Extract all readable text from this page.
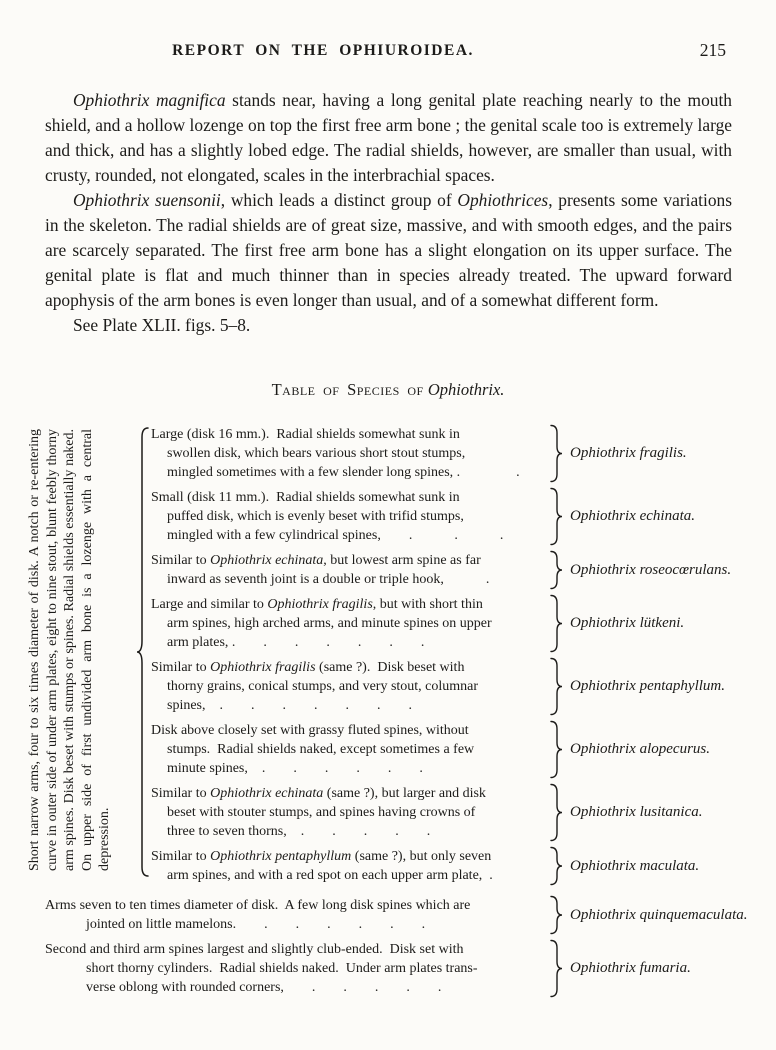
REPORT ON THE OPHIUROIDEA.	215

Ophiothrix magnifica stands near, having a long genital plate reaching nearly to the mouth shield, and a hollow lozenge on top the first free arm bone ; the genital scale too is extremely large and thick, and has a slightly lobed edge. The radial shields, however, are smaller than usual, with crusty, rounded, not elongated, scales in the interbrachial spaces.

Ophiothrix suensonii, which leads a distinct group of Ophiothrices, presents some variations in the skeleton. The radial shields are of great size, massive, and with smooth edges, and the pairs are scarcely separated. The first free arm bone has a slight elongation on its upper surface. The genital plate is flat and much thinner than in species already treated. The upward forward apophysis of the arm bones is even longer than usual, and of a somewhat different form.

See Plate XLII. figs. 5–8.

Table of Species of Ophiothrix.
Short narrow arms, four to six times diameter of disk. A notch or re-entering curve in outer side of under arm plates, eight to nine stout, blunt feebly thorny arm spines. Disk beset with stumps or spines. Radial shields essentially naked. On upper side of first undivided arm bone is a lozenge with a central depression.
Large (disk 16 mm.).  Radial shields somewhat sunk in
swollen disk, which bears various short stout stumps,
mingled sometimes with a few slender long spines, .    .
Ophiothrix fragilis.
Small (disk 11 mm.).  Radial shields somewhat sunk in
puffed disk, which is evenly beset with trifid stumps,
mingled with a few cylindrical spines,  .   .   .
Ophiothrix echinata.
Similar to Ophiothrix echinata, but lowest arm spine as far
inward as seventh joint is a double or triple hook,   .
Ophiothrix roseocœrulans.
Large and similar to Ophiothrix fragilis, but with short thin
arm spines, high arched arms, and minute spines on upper
arm plates, .  .  .  .  .  .  .
Ophiothrix lütkeni.
Similar to Ophiothrix fragilis (same ?).  Disk beset with
thorny grains, conical stumps, and very stout, columnar
spines, .  .  .  .  .  .  .
Ophiothrix pentaphyllum.
Disk above closely set with grassy fluted spines, without
stumps.  Radial shields naked, except sometimes a few
minute spines, .  .  .  .  .  .
Ophiothrix alopecurus.
Similar to Ophiothrix echinata (same ?), but larger and disk
beset with stouter stumps, and spines having crowns of
three to seven thorns, .  .  .  .  .
Ophiothrix lusitanica.
Similar to Ophiothrix pentaphyllum (same ?), but only seven
arm spines, and with a red spot on each upper arm plate, .
Ophiothrix maculata.
Arms seven to ten times diameter of disk.  A few long disk spines which are
jointed on little mamelons.  .  .  .  .  .  .
Ophiothrix quinquemaculata.
Second and third arm spines largest and slightly club-ended.  Disk set with
short thorny cylinders.  Radial shields naked.  Under arm plates trans-
verse oblong with rounded corners,  .  .  .  .  .
Ophiothrix fumaria.
